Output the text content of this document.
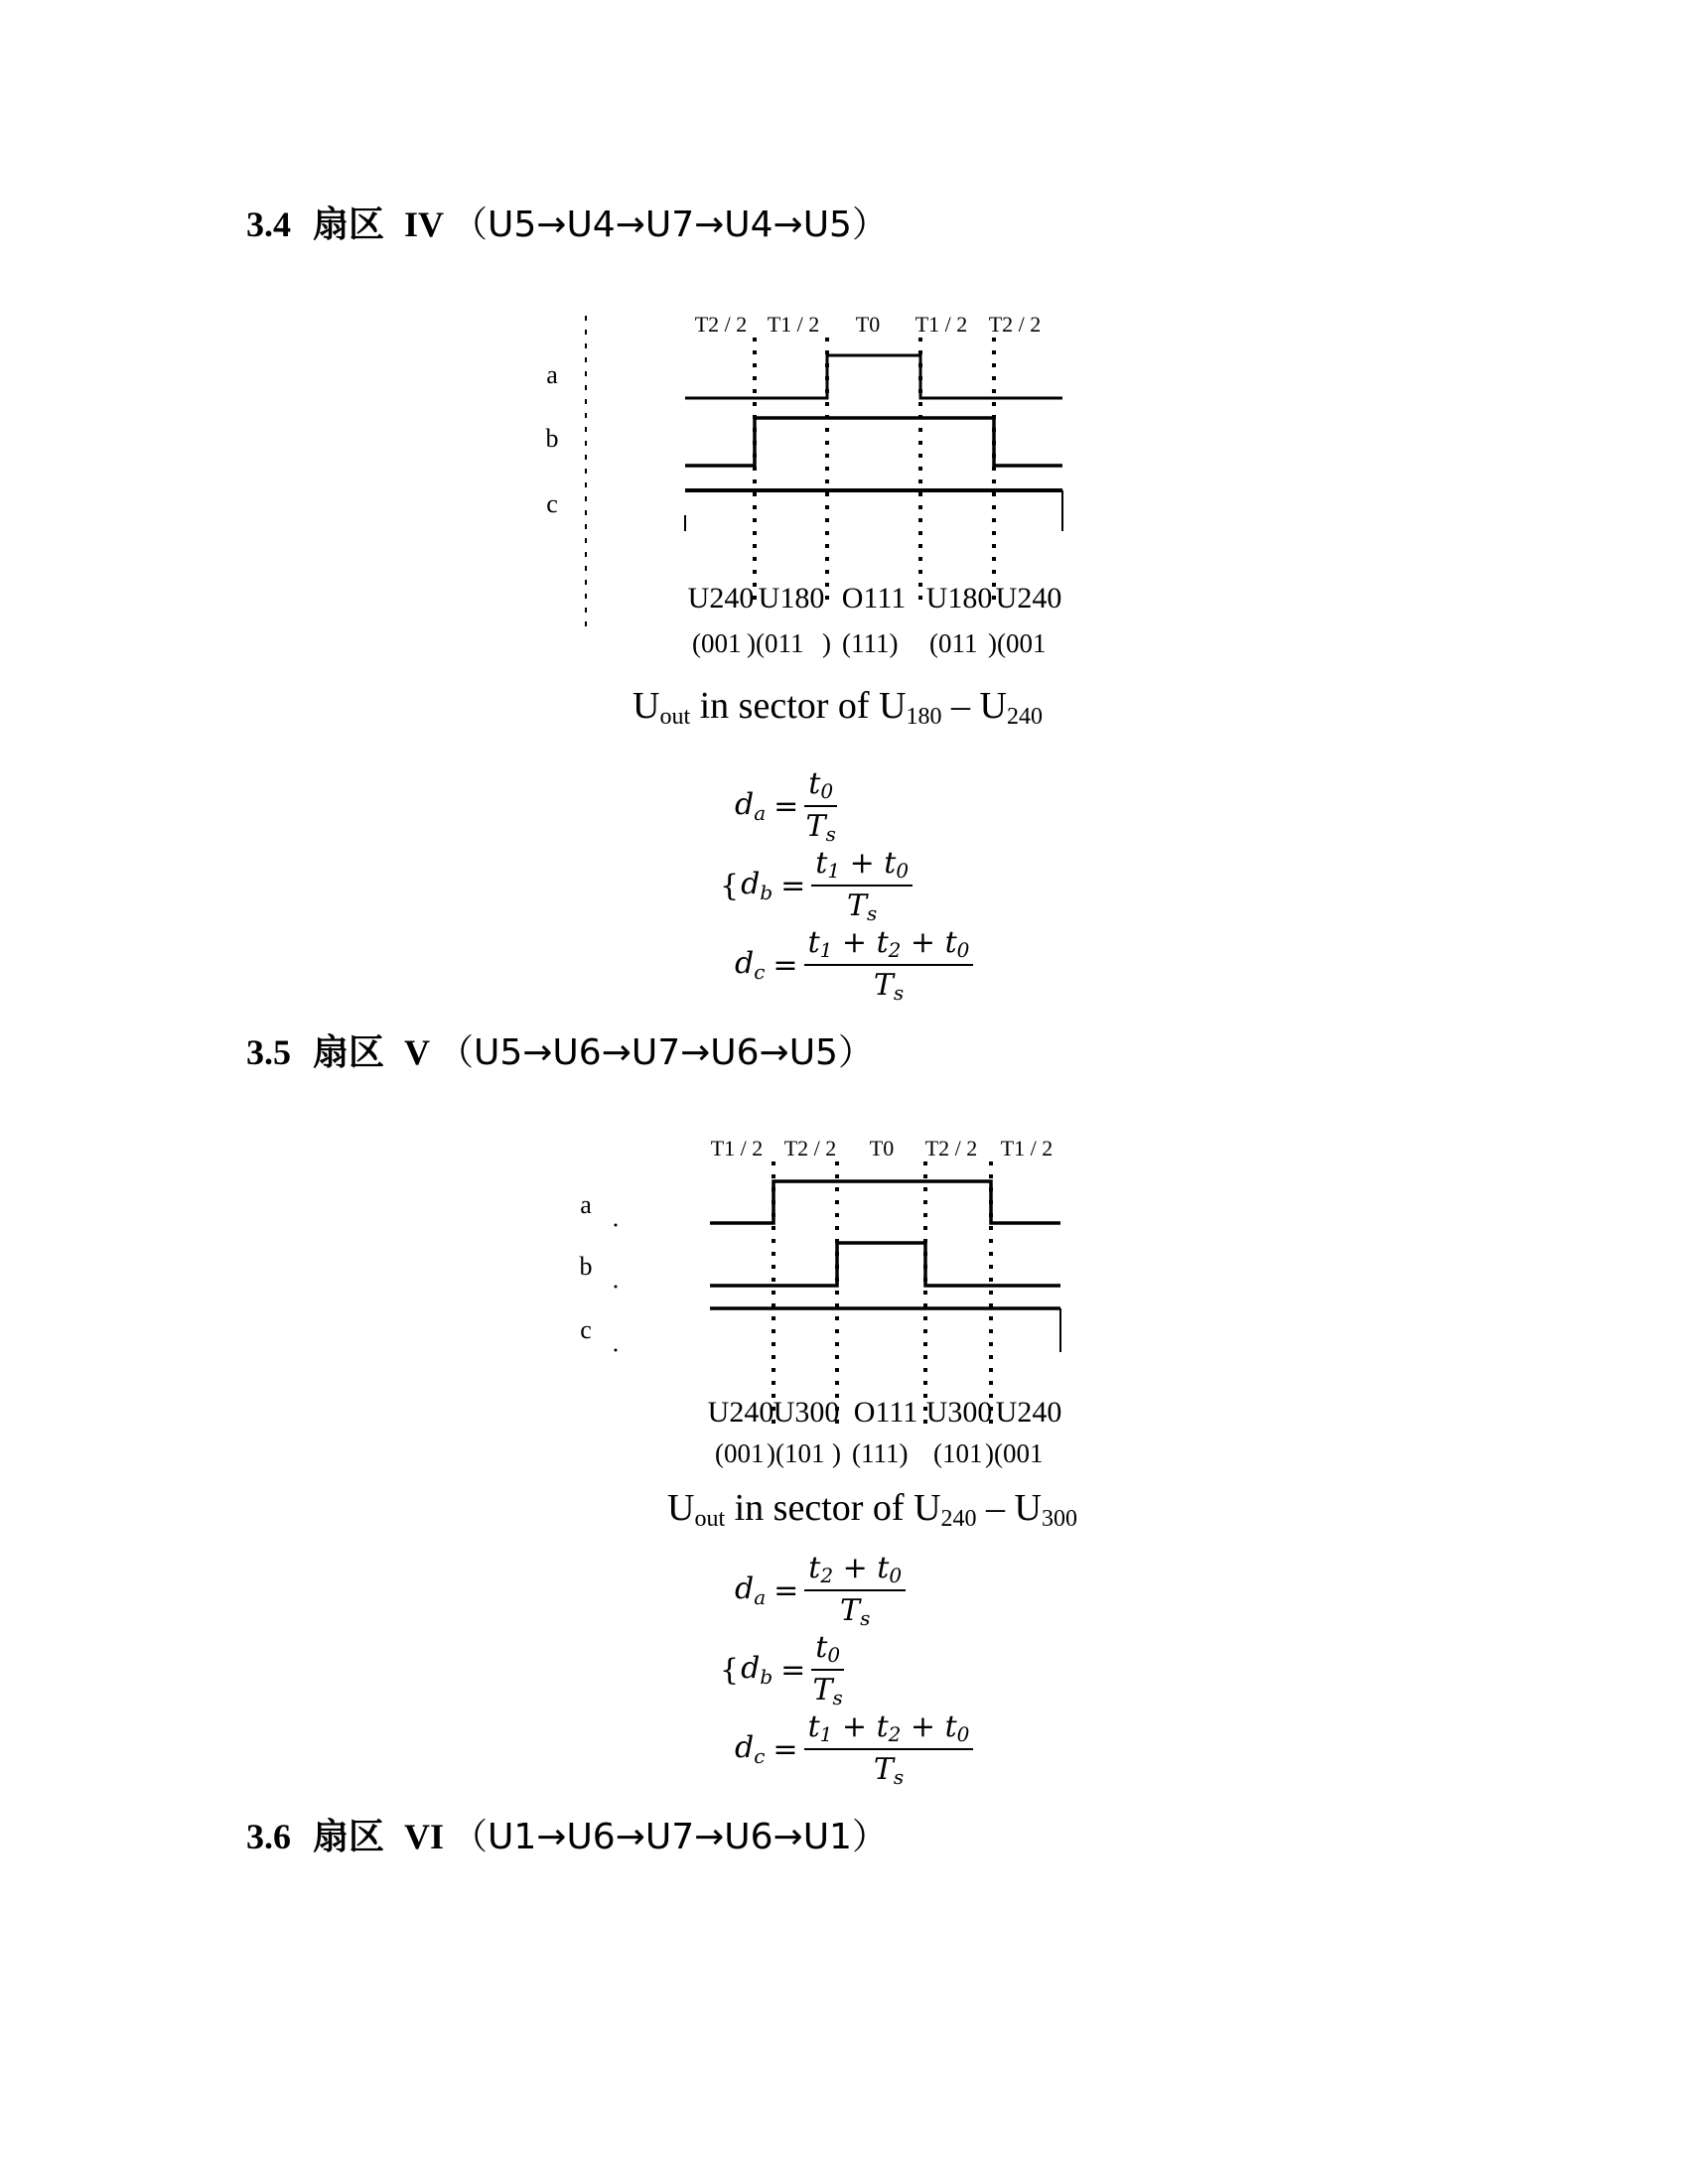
3.4 扇区 IV （U5→U4→U7→U4→U5）
T2 / 2 T1 / 2 T0 T1 / 2 T2 / 2
a
b
c
U240 U180 O111 U180 U240
(001 )(011 ) (111) (011 )(001

$U_{out}$ in sector of $U_{180} - U_{240}$

$d_a = \frac{t_0}{T_s}$
{ $d_b = \frac{t_1 + t_0}{T_s}$
$d_c = \frac{t_1 + t_2 + t_0}{T_s}$
3.5 扇区 V （U5→U6→U7→U6→U5）
T1 / 2 T2 / 2 T0 T2 / 2 T1 / 2
a
b
c
U240 U300 O111 U300 U240
(001 )(101 ) (111) (101 )(001

$U_{out}$ in sector of $U_{240} - U_{300}$

$d_a = \frac{t_2 + t_0}{T_s}$
{ $d_b = \frac{t_0}{T_s}$
$d_c = \frac{t_1 + t_2 + t_0}{T_s}$
3.6 扇区 VI （U1→U6→U7→U6→U1）
